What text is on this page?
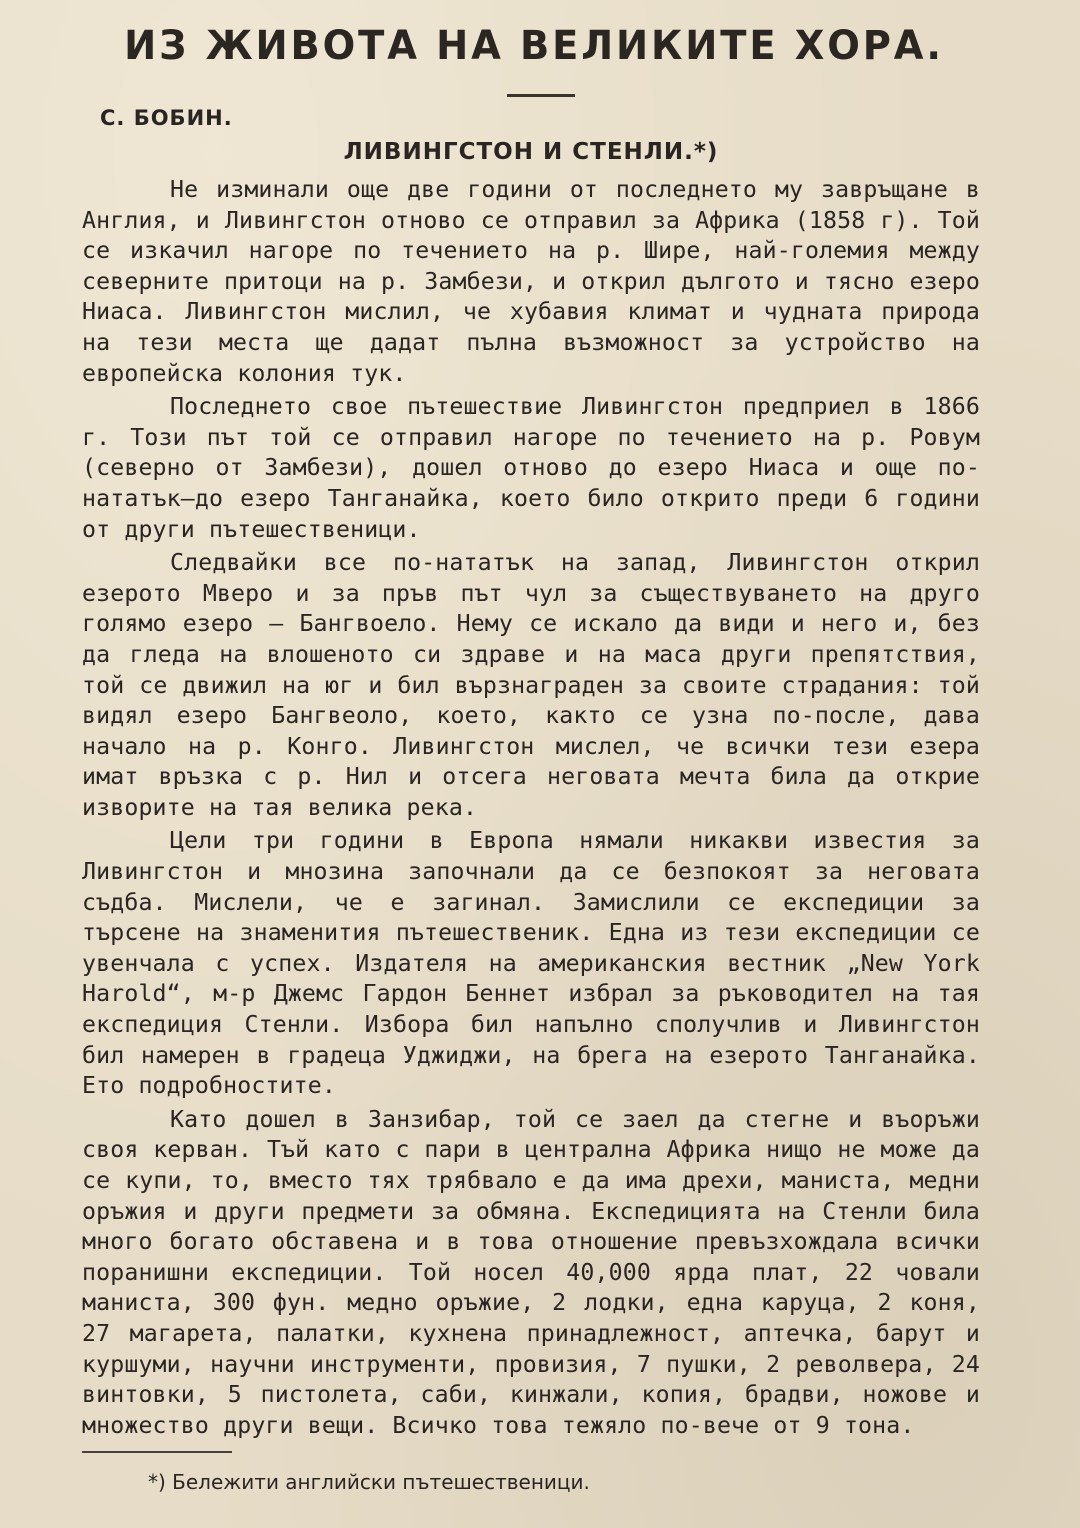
ИЗ ЖИВОТА НА ВЕЛИКИТЕ ХОРА.
С. БОБИН.
ЛИВИНГСТОН И СТЕНЛИ.*)

Не изминали още две години от последнето му завръщане в Англия, и Ливингстон отново се отправил за Африка (1858 г). Той се изкачил нагоре по течението на р. Шире, най-големия между северните притоци на р. Замбези, и открил дългото и тясно езеро Ниаса. Ливингстон мислил, че хубавия климат и чудната природа на тези места ще дадат пълна възможност за устройство на европейска колония тук.

Последнето свое пътешествие Ливингстон предприел в 1866 г. Този път той се отправил нагоре по течението на р. Ровум (северно от Замбези), дошел отново до езеро Ниаса и още по-нататък—до езеро Танганайка, което било открито преди 6 години от други пътешественици.

Следвайки все по-нататък на запад, Ливингстон открил езерото Мверо и за пръв път чул за съществуването на друго голямо езеро — Бангвоело. Нему се искало да види и него и, без да гледа на влошеното си здраве и на маса други препятствия, той се движил на юг и бил вързнаграден за своите страдания: той видял езеро Бангвеоло, което, както се узна по-после, дава начало на р. Конго. Ливингстон мислел, че всички тези езера имат връзка с р. Нил и отсега неговата мечта била да открие изворите на тая велика река.

Цели три години в Европа нямали никакви известия за Ливингстон и мнозина започнали да се безпокоят за неговата съдба. Мислели, че е загинал. Замислили се експедиции за търсене на знаменития пътешественик. Една из тези експедиции се увенчала с успех. Издателя на американския вестник „New York Harold“, м-р Джемс Гардон Беннет избрал за ръководител на тая експедиция Стенли. Избора бил напълно сполучлив и Ливингстон бил намерен в градеца Уджиджи, на брега на езерото Танганайка. Ето подробностите.

Като дошел в Занзибар, той се заел да стегне и въоръжи своя керван. Тъй като с пари в централна Африка нищо не може да се купи, то, вместо тях трябвало е да има дрехи, маниста, медни оръжия и други предмети за обмяна. Експедицията на Стенли била много богато обставена и в това отношение превъзхождала всички поранишни експедиции. Той носел 40,000 ярда плат, 22 човали маниста, 300 фун. медно оръжие, 2 лодки, една каруца, 2 коня, 27 магарета, палатки, кухнена принадлежност, аптечка, барут и куршуми, научни инструменти, провизия, 7 пушки, 2 револвера, 24 винтовки, 5 пистолета, саби, кинжали, копия, брадви, ножове и множество други вещи. Всичко това тежяло по-вече от 9 тона.

*) Бележити английски пътешественици.
